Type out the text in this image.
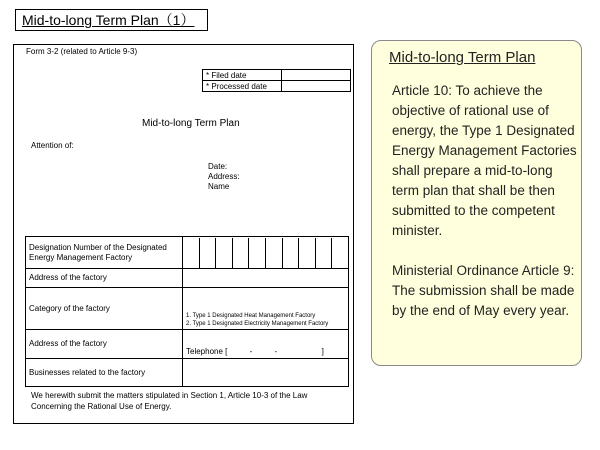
Mid-to-long Term Plan（1）
Form 3-2 (related to Article 9-3)
* Filed date	
* Processed date	
Mid-to-long Term Plan
Attention of:
Date:
Address:
Name
Designation Number of the Designated Energy Management Factory	

Address of the factory	
Category of the factory	1. Type 1 Designated Heat Management Factory
2. Type 1 Designated Electricity Management Factory

Address of the factory	Telephone [          -          -                    ]
Businesses related to the factory	
We herewith submit the matters stipulated in Section 1, Article 10-3 of the Law Concerning the Rational Use of Energy.
Mid-to-long Term Plan

Article 10: To achieve the objective of rational use of energy, the Type 1 Designated Energy Management Factories shall prepare a mid-to-long term plan that shall be then submitted to the competent minister.

Ministerial Ordinance Article 9: The submission shall be made by the end of May every year.
